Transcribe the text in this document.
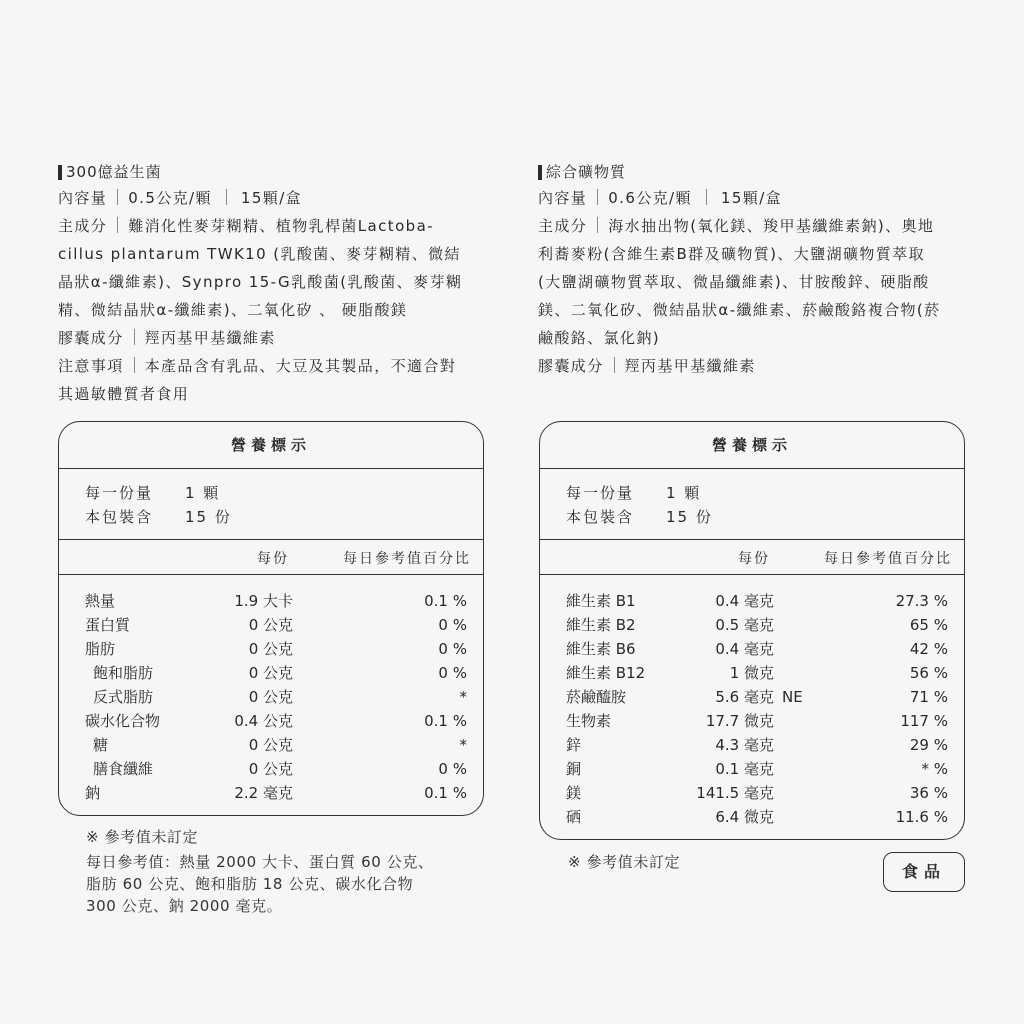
300億益生菌

內容量 0.5公克/顆 15顆/盒

主成分 難消化性麥芽糊精、植物乳桿菌Lactoba-

cillus plantarum TWK10 (乳酸菌、麥芽糊精、微結

晶狀α-纖維素)、Synpro 15-G乳酸菌(乳酸菌、麥芽糊

精、微結晶狀α-纖維素)、二氧化矽 、 硬脂酸鎂

膠囊成分 羥丙基甲基纖維素

注意事項 本產品含有乳品、大豆及其製品，不適合對

其過敏體質者食用

綜合礦物質

內容量 0.6公克/顆 15顆/盒

主成分 海水抽出物(氧化鎂、羧甲基纖維素鈉)、奧地

利蕎麥粉(含維生素B群及礦物質)、大鹽湖礦物質萃取

(大鹽湖礦物質萃取、微晶纖維素)、甘胺酸鋅、硬脂酸

鎂、二氧化矽、微結晶狀α-纖維素、菸鹼酸鉻複合物(菸

鹼酸鉻、氯化鈉)

膠囊成分 羥丙基甲基纖維素

營養標示
每一份量	1 顆
本包裝含	15 份
每份	每日參考值百分比
熱量	1.9 大卡	0.1 %
蛋白質	0 公克	0 %
脂肪	0 公克	0 %
飽和脂肪	0 公克	0 %
反式脂肪	0 公克	*
碳水化合物	0.4 公克	0.1 %
糖	0 公克	*
膳食纖維	0 公克	0 %
鈉	2.2 毫克	0.1 %
營養標示
每一份量	1 顆
本包裝含	15 份
每份	每日參考值百分比
維生素 B1	0.4 毫克	27.3 %
維生素 B2	0.5 毫克	65 %
維生素 B6	0.4 毫克	42 %
維生素 B12	1 微克	56 %
菸鹼醯胺	5.6 毫克 NE	71 %
生物素	17.7 微克	117 %
鋅	4.3 毫克	29 %
銅	0.1 毫克	* %
鎂	141.5 毫克	36 %
硒	6.4 微克	11.6 %
※ 參考值未訂定
每日參考值：熱量 2000 大卡、蛋白質 60 公克、
脂肪 60 公克、飽和脂肪 18 公克、碳水化合物
300 公克、鈉 2000 毫克。
※ 參考值未訂定	食品
